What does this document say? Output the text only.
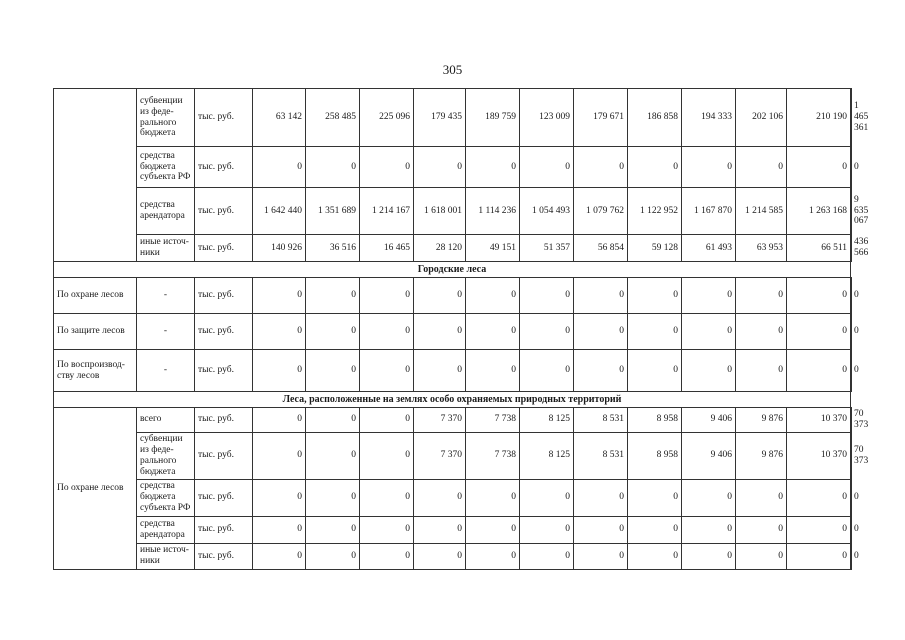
305
	субвенции из феде-рального бюджета	тыс. руб.	63 142	258 485	225 096	179 435	189 759	123 009	179 671	186 858	194 333	202 106	210 190	1 465 361
	средства бюджета субъекта РФ	тыс. руб.	0	0	0	0	0	0	0	0	0	0	0	0
	средства арендатора	тыс. руб.	1 642 440	1 351 689	1 214 167	1 618 001	1 114 236	1 054 493	1 079 762	1 122 952	1 167 870	1 214 585	1 263 168	9 635 067
	иные источ-ники	тыс. руб.	140 926	36 516	16 465	28 120	49 151	51 357	56 854	59 128	61 493	63 953	66 511	436 566
Городские леса														
По охране лесов	-	тыс. руб.	0	0	0	0	0	0	0	0	0	0	0	0
По защите лесов	-	тыс. руб.	0	0	0	0	0	0	0	0	0	0	0	0
По воспроизвод-ству лесов	-	тыс. руб.	0	0	0	0	0	0	0	0	0	0	0	0
Леса, расположенные на землях особо охраняемых природных территорий														
По охране лесов	всего	тыс. руб.	0	0	0	7 370	7 738	8 125	8 531	8 958	9 406	9 876	10 370	70 373
	субвенции из феде-рального бюджета	тыс. руб.	0	0	0	7 370	7 738	8 125	8 531	8 958	9 406	9 876	10 370	70 373
	средства бюджета субъекта РФ	тыс. руб.	0	0	0	0	0	0	0	0	0	0	0	0
	средства арендатора	тыс. руб.	0	0	0	0	0	0	0	0	0	0	0	0
	иные источ-ники	тыс. руб.	0	0	0	0	0	0	0	0	0	0	0	0
